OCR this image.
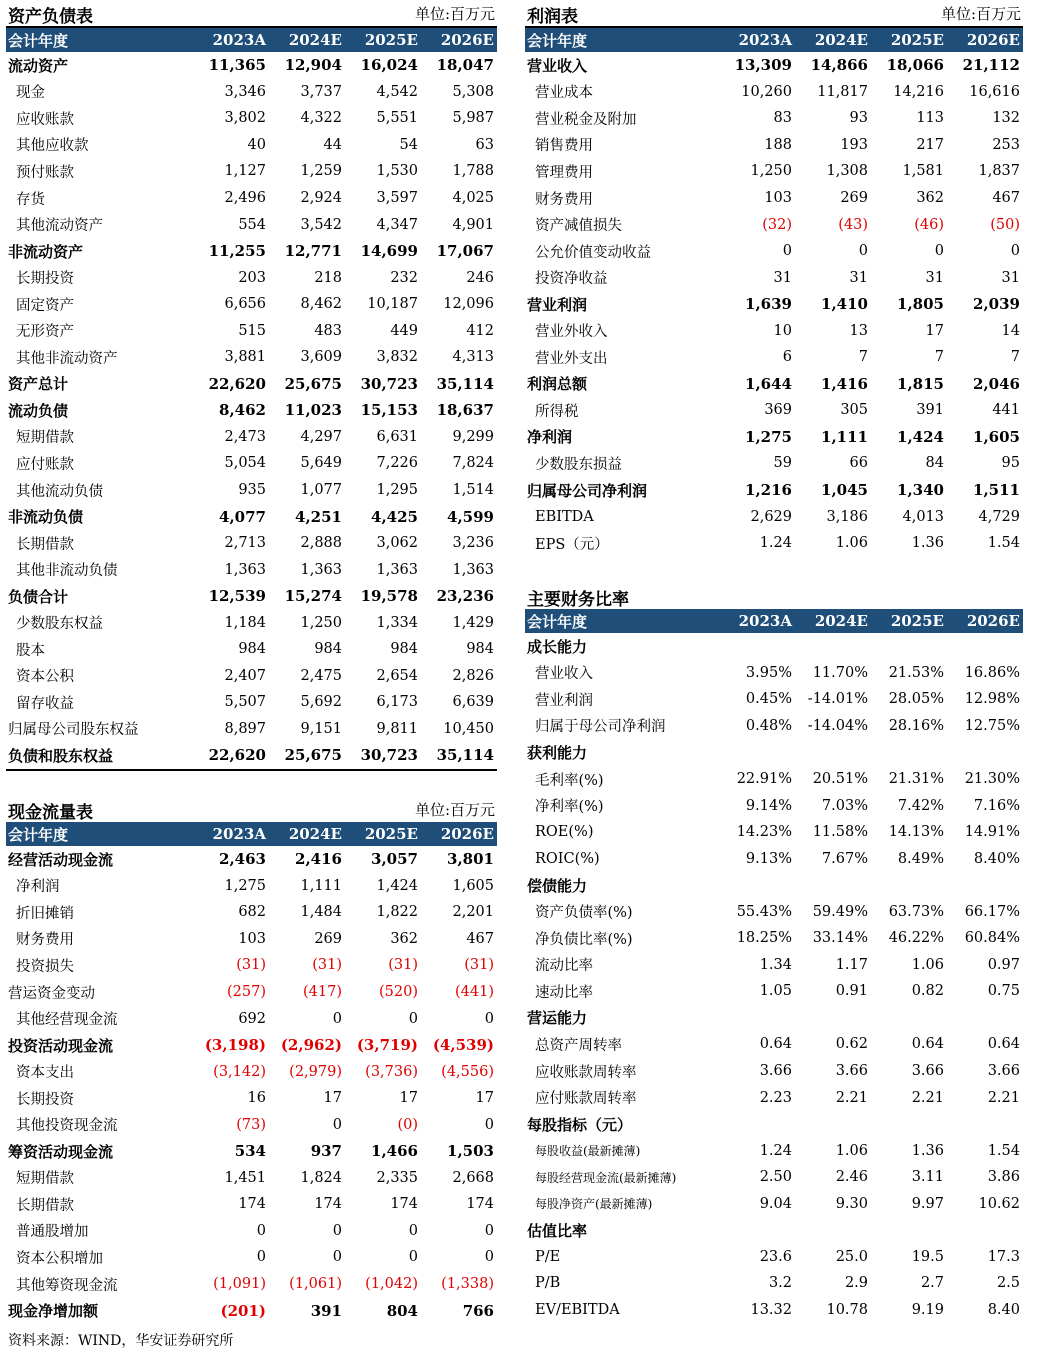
资产负债表	单位:百万元
会计年度	2023A	2024E	2025E	2026E
流动资产	11,365	12,904	16,024	18,047
现金	3,346	3,737	4,542	5,308
应收账款	3,802	4,322	5,551	5,987
其他应收款	40	44	54	63
预付账款	1,127	1,259	1,530	1,788
存货	2,496	2,924	3,597	4,025
其他流动资产	554	3,542	4,347	4,901
非流动资产	11,255	12,771	14,699	17,067
长期投资	203	218	232	246
固定资产	6,656	8,462	10,187	12,096
无形资产	515	483	449	412
其他非流动资产	3,881	3,609	3,832	4,313
资产总计	22,620	25,675	30,723	35,114
流动负债	8,462	11,023	15,153	18,637
短期借款	2,473	4,297	6,631	9,299
应付账款	5,054	5,649	7,226	7,824
其他流动负债	935	1,077	1,295	1,514
非流动负债	4,077	4,251	4,425	4,599
长期借款	2,713	2,888	3,062	3,236
其他非流动负债	1,363	1,363	1,363	1,363
负债合计	12,539	15,274	19,578	23,236
少数股东权益	1,184	1,250	1,334	1,429
股本	984	984	984	984
资本公积	2,407	2,475	2,654	2,826
留存收益	5,507	5,692	6,173	6,639
归属母公司股东权益	8,897	9,151	9,811	10,450
负债和股东权益	22,620	25,675	30,723	35,114
利润表	单位:百万元
会计年度	2023A	2024E	2025E	2026E
营业收入	13,309	14,866	18,066	21,112
营业成本	10,260	11,817	14,216	16,616
营业税金及附加	83	93	113	132
销售费用	188	193	217	253
管理费用	1,250	1,308	1,581	1,837
财务费用	103	269	362	467
资产减值损失	(32)	(43)	(46)	(50)
公允价值变动收益	0	0	0	0
投资净收益	31	31	31	31
营业利润	1,639	1,410	1,805	2,039
营业外收入	10	13	17	14
营业外支出	6	7	7	7
利润总额	1,644	1,416	1,815	2,046
所得税	369	305	391	441
净利润	1,275	1,111	1,424	1,605
少数股东损益	59	66	84	95
归属母公司净利润	1,216	1,045	1,340	1,511
EBITDA	2,629	3,186	4,013	4,729
EPS（元）	1.24	1.06	1.36	1.54
主要财务比率
会计年度	2023A	2024E	2025E	2026E
成长能力				
营业收入	3.95%	11.70%	21.53%	16.86%
营业利润	0.45%	-14.01%	28.05%	12.98%
归属于母公司净利润	0.48%	-14.04%	28.16%	12.75%
获利能力				
毛利率(%)	22.91%	20.51%	21.31%	21.30%
净利率(%)	9.14%	7.03%	7.42%	7.16%
ROE(%)	14.23%	11.58%	14.13%	14.91%
ROIC(%)	9.13%	7.67%	8.49%	8.40%
偿债能力				
资产负债率(%)	55.43%	59.49%	63.73%	66.17%
净负债比率(%)	18.25%	33.14%	46.22%	60.84%
流动比率	1.34	1.17	1.06	0.97
速动比率	1.05	0.91	0.82	0.75
营运能力				
总资产周转率	0.64	0.62	0.64	0.64
应收账款周转率	3.66	3.66	3.66	3.66
应付账款周转率	2.23	2.21	2.21	2.21
每股指标（元）				
每股收益(最新摊薄)	1.24	1.06	1.36	1.54
每股经营现金流(最新摊薄)	2.50	2.46	3.11	3.86
每股净资产(最新摊薄)	9.04	9.30	9.97	10.62
估值比率				
P/E	23.6	25.0	19.5	17.3
P/B	3.2	2.9	2.7	2.5
EV/EBITDA	13.32	10.78	9.19	8.40
现金流量表	单位:百万元
会计年度	2023A	2024E	2025E	2026E
经营活动现金流	2,463	2,416	3,057	3,801
净利润	1,275	1,111	1,424	1,605
折旧摊销	682	1,484	1,822	2,201
财务费用	103	269	362	467
投资损失	(31)	(31)	(31)	(31)
营运资金变动	(257)	(417)	(520)	(441)
其他经营现金流	692	0	0	0
投资活动现金流	(3,198)	(2,962)	(3,719)	(4,539)
资本支出	(3,142)	(2,979)	(3,736)	(4,556)
长期投资	16	17	17	17
其他投资现金流	(73)	0	(0)	0
筹资活动现金流	534	937	1,466	1,503
短期借款	1,451	1,824	2,335	2,668
长期借款	174	174	174	174
普通股增加	0	0	0	0
资本公积增加	0	0	0	0
其他筹资现金流	(1,091)	(1,061)	(1,042)	(1,338)
现金净增加额	(201)	391	804	766
资料来源：WIND，华安证券研究所
